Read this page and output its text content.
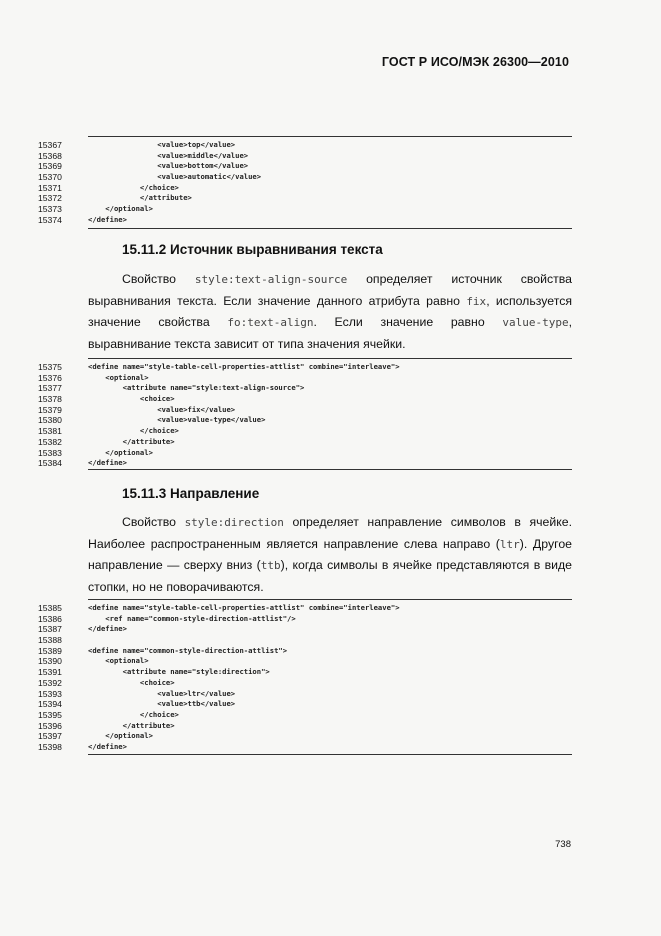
ГОСТ Р ИСО/МЭК 26300—2010
15367	<value>top</value>
15368	<value>middle</value>
15369	<value>bottom</value>
15370	<value>automatic</value>
15371	</choice>
15372	</attribute>
15373	</optional>
15374	</define>
15.11.2 Источник выравнивания текста

Свойство style:text-align-source определяет источник свойства выравнивания текста. Если значение данного атрибута равно fix, используется значение свойства fo:text-align. Если значение равно value-type, выравнивание текста зависит от типа значения ячейки.

15375	<define name="style-table-cell-properties-attlist" combine="interleave">
15376	<optional>
15377	<attribute name="style:text-align-source">
15378	<choice>
15379	<value>fix</value>
15380	<value>value-type</value>
15381	</choice>
15382	</attribute>
15383	</optional>
15384	</define>
15.11.3 Направление

Свойство style:direction определяет направление символов в ячейке. Наиболее распространенным является направление слева направо (ltr). Другое направление — сверху вниз (ttb), когда символы в ячейке представляются в виде стопки, но не поворачиваются.

15385	<define name="style-table-cell-properties-attlist" combine="interleave">
15386	<ref name="common-style-direction-attlist"/>
15387	</define>
15388
15389	<define name="common-style-direction-attlist">
15390	<optional>
15391	<attribute name="style:direction">
15392	<choice>
15393	<value>ltr</value>
15394	<value>ttb</value>
15395	</choice>
15396	</attribute>
15397	</optional>
15398	</define>
738
